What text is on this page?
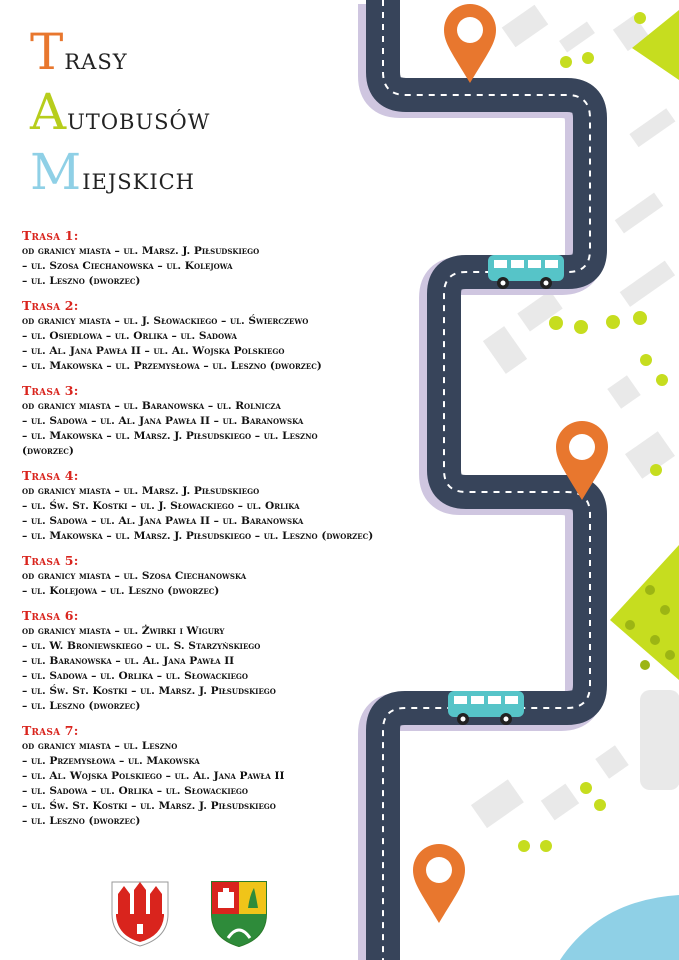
Trasy
Autobusów
Miejskich
Trasa 1:
od granicy miasta – ul. Marsz. J. Piłsudskiego
– ul. Szosa Ciechanowska – ul. Kolejowa
– ul. Leszno (dworzec)
Trasa 2:
od granicy miasta – ul. J. Słowackiego – ul. Świerczewo
– ul. Osiedlowa – ul. Orlika – ul. Sadowa
– ul. Al. Jana Pawła II – ul. Al. Wojska Polskiego
– ul. Makowska – ul. Przemysłowa – ul. Leszno (dworzec)
Trasa 3:
od granicy miasta – ul. Baranowska – ul. Rolnicza
– ul. Sadowa – ul. Al. Jana Pawła II – ul. Baranowska
– ul. Makowska – ul. Marsz. J. Piłsudskiego – ul. Leszno
(dworzec)
Trasa 4:
od granicy miasta – ul. Marsz. J. Piłsudskiego
– ul. Św. St. Kostki – ul. J. Słowackiego – ul. Orlika
– ul. Sadowa – ul. Al. Jana Pawła II – ul. Baranowska
– ul. Makowska – ul. Marsz. J. Piłsudskiego – ul. Leszno (dworzec)
Trasa 5:
od granicy miasta – ul. Szosa Ciechanowska
– ul. Kolejowa – ul. Leszno (dworzec)
Trasa 6:
od granicy miasta – ul. Żwirki i Wigury
– ul. W. Broniewskiego – ul. S. Starzyńskiego
– ul. Baranowska – ul. Al. Jana Pawła II
– ul. Sadowa – ul. Orlika – ul. Słowackiego
– ul. Św. St. Kostki – ul. Marsz. J. Piłsudskiego
– ul. Leszno (dworzec)
Trasa 7:
od granicy miasta – ul. Leszno
– ul. Przemysłowa – ul. Makowska
– ul. Al. Wojska Polskiego – ul. Al. Jana Pawła II
– ul. Sadowa – ul. Orlika – ul. Słowackiego
– ul. Św. St. Kostki – ul. Marsz. J. Piłsudskiego
– ul. Leszno (dworzec)
